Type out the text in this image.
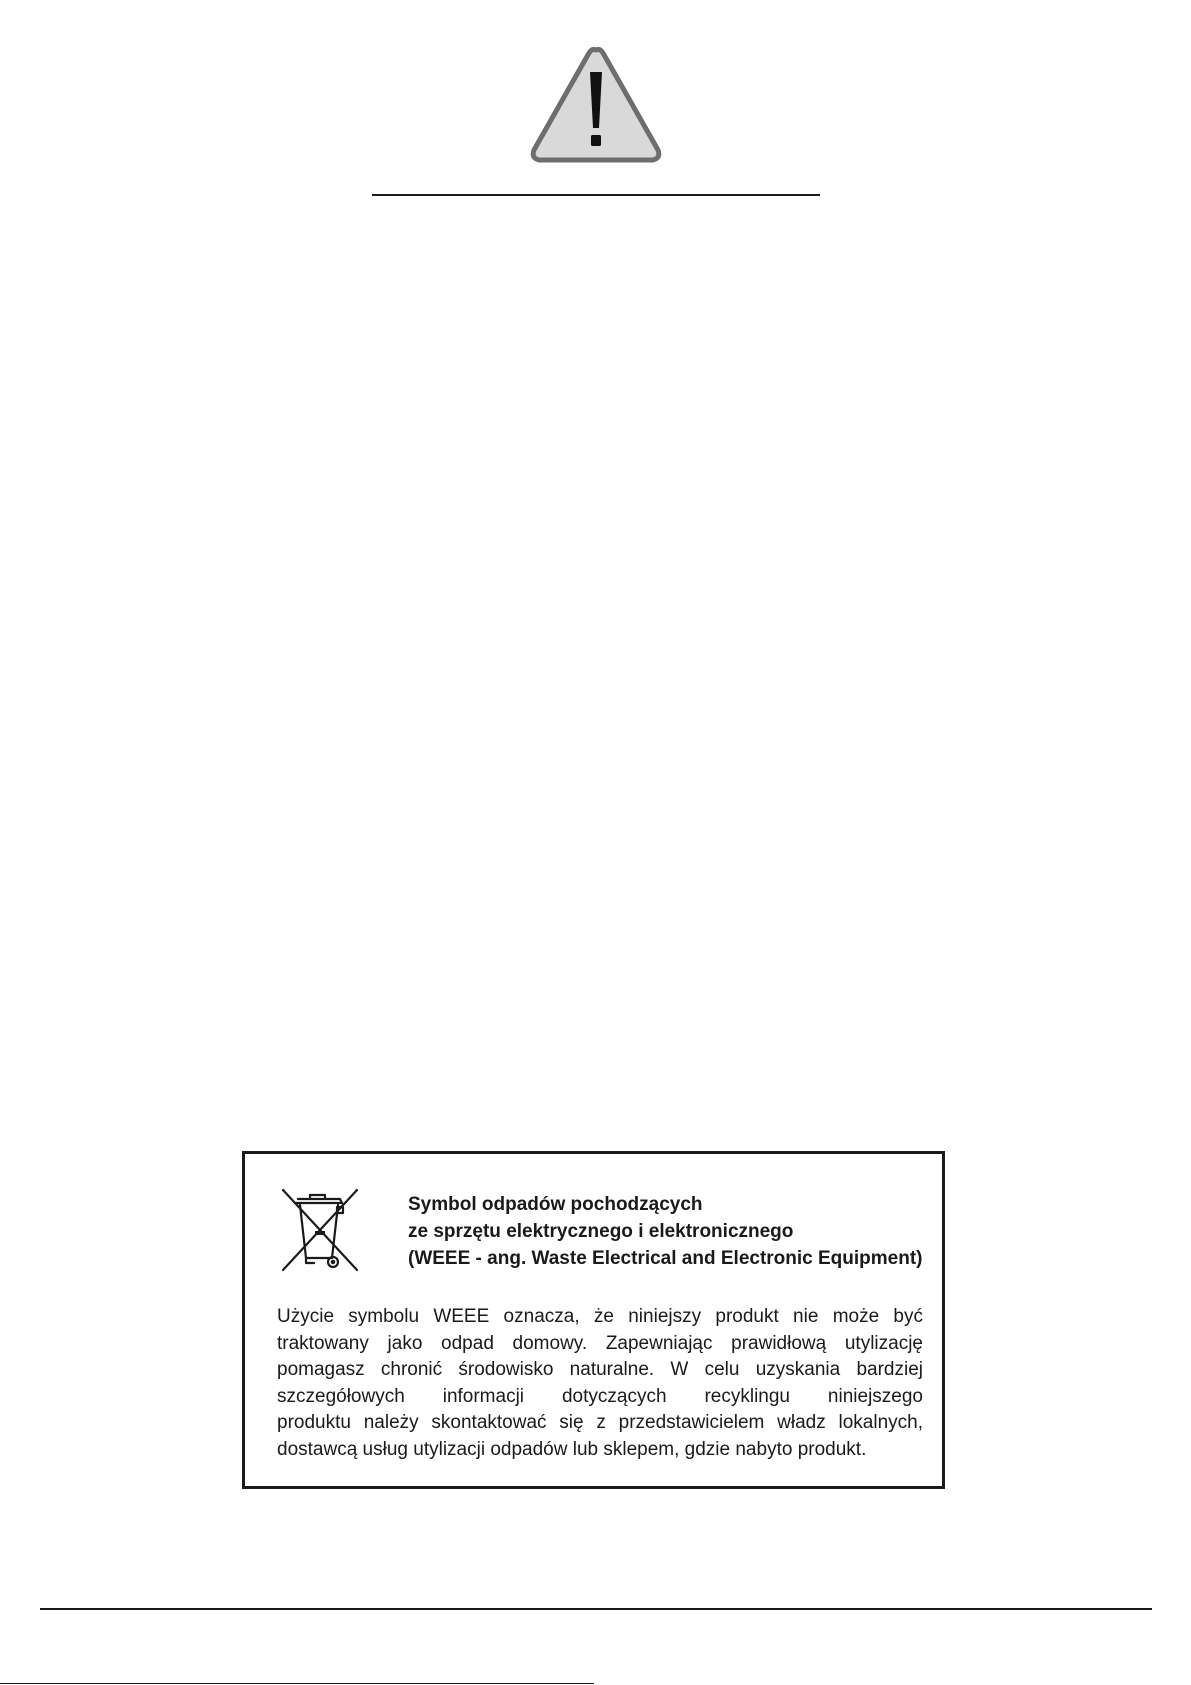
Symbol odpadów pochodzących
ze sprzętu elektrycznego i elektronicznego
(WEEE - ang. Waste Electrical and Electronic Equipment)
Użycie symbolu WEEE oznacza, że niniejszy produkt nie może być
traktowany jako odpad domowy. Zapewniając prawidłową utylizację
pomagasz chronić środowisko naturalne. W celu uzyskania bardziej
szczegółowych informacji dotyczących recyklingu niniejszego
produktu należy skontaktować się z przedstawicielem władz lokalnych,
dostawcą usług utylizacji odpadów lub sklepem, gdzie nabyto produkt.
